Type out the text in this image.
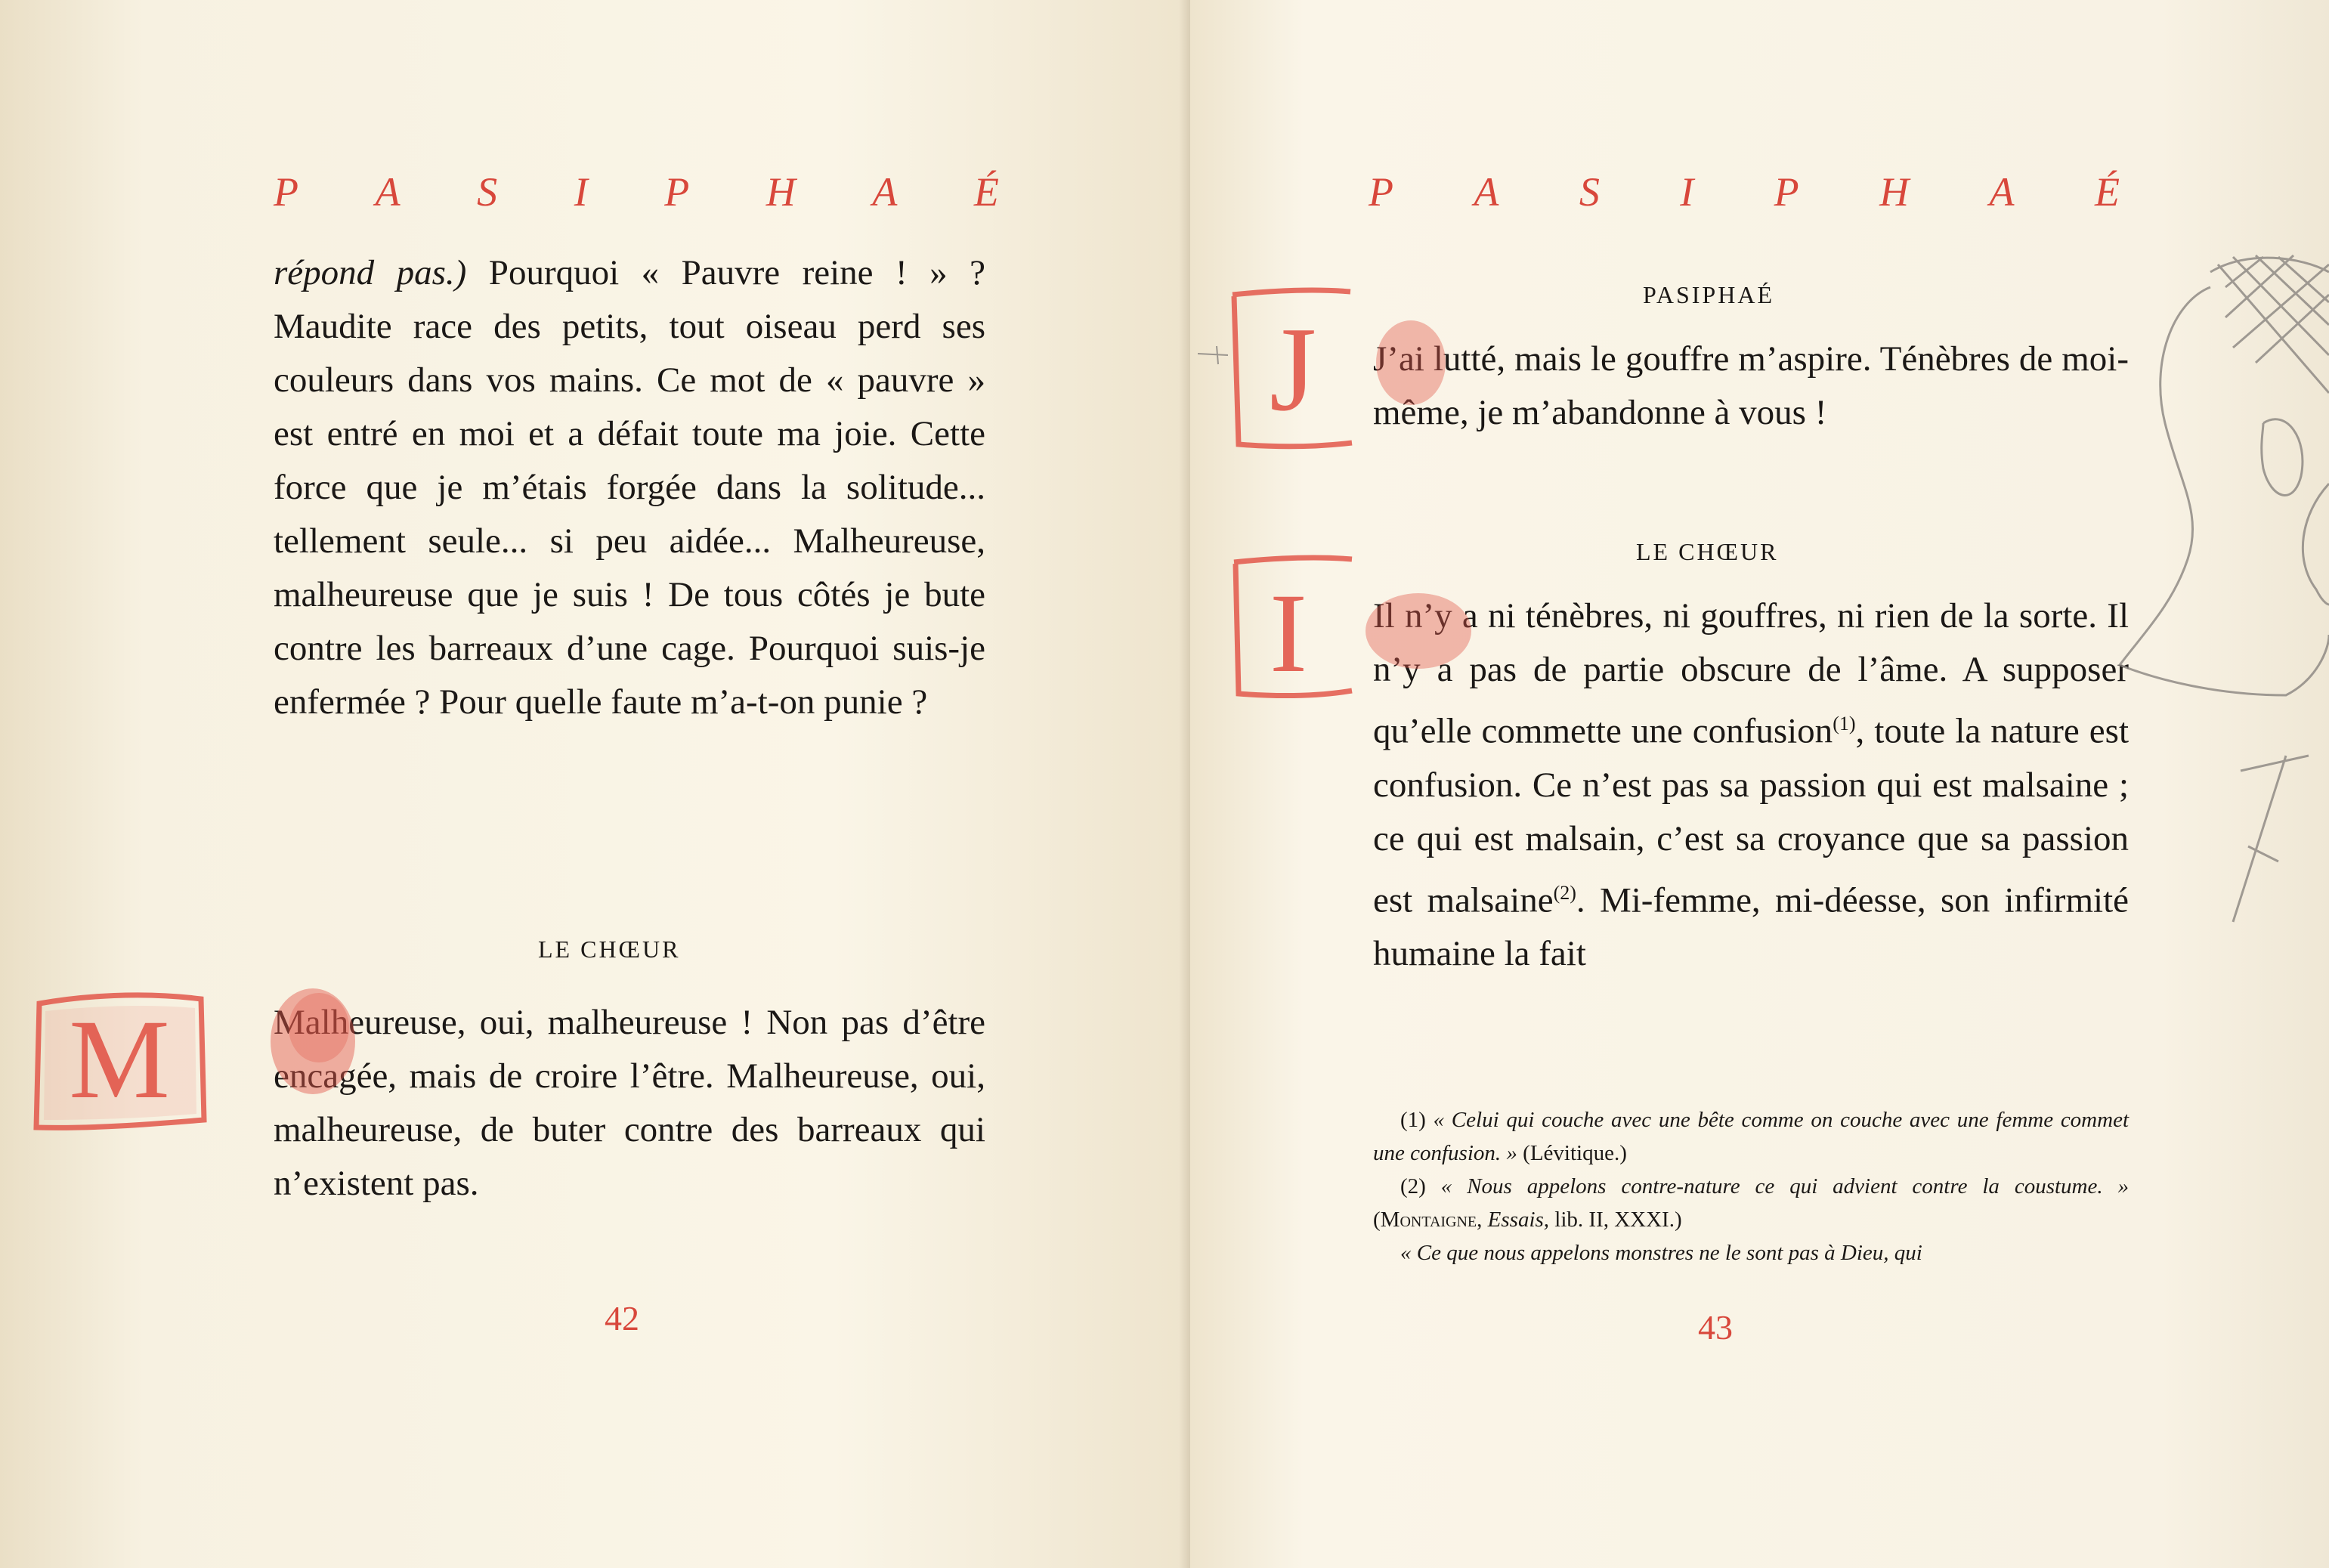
P A S I P H A É

répond pas.) Pourquoi « Pauvre reine ! » ? Maudite race des petits, tout oiseau perd ses couleurs dans vos mains. Ce mot de « pauvre » est entré en moi et a défait toute ma joie. Cette force que je m’étais forgée dans la solitude... tellement seule... si peu aidée... Malheureuse, malheureuse que je suis ! De tous côtés je bute contre les barreaux d’une cage. Pourquoi suis-je enfermée ? Pour quelle faute m’a-t-on punie ?

LE CHŒUR

Malheureuse, oui, malheureuse ! Non pas d’être encagée, mais de croire l’être. Malheureuse, oui, malheureuse, de buter contre des barreaux qui n’existent pas.

42
M
P A S I P H A É
PASIPHAÉ

J’ai lutté, mais le gouffre m’aspire. Ténèbres de moi-même, je m’abandonne à vous !

LE CHŒUR

Il n’y a ni ténèbres, ni gouffres, ni rien de la sorte. Il n’y a pas de partie obscure de l’âme. A supposer qu’elle commette une confusion$^{(1)}$, toute la nature est confusion. Ce n’est pas sa passion qui est malsaine ; ce qui est malsain, c’est sa croyance que sa passion est malsaine$^{(2)}$. Mi-femme, mi-déesse, son infirmité humaine la fait

(1) « Celui qui couche avec une bête comme on couche avec une femme commet une confusion. » (Lévitique.)

(2) « Nous appelons contre-nature ce qui advient contre la coustume. » (Montaigne, Essais, lib. II, XXXI.)

« Ce que nous appelons monstres ne le sont pas à Dieu, qui

43
J
I
